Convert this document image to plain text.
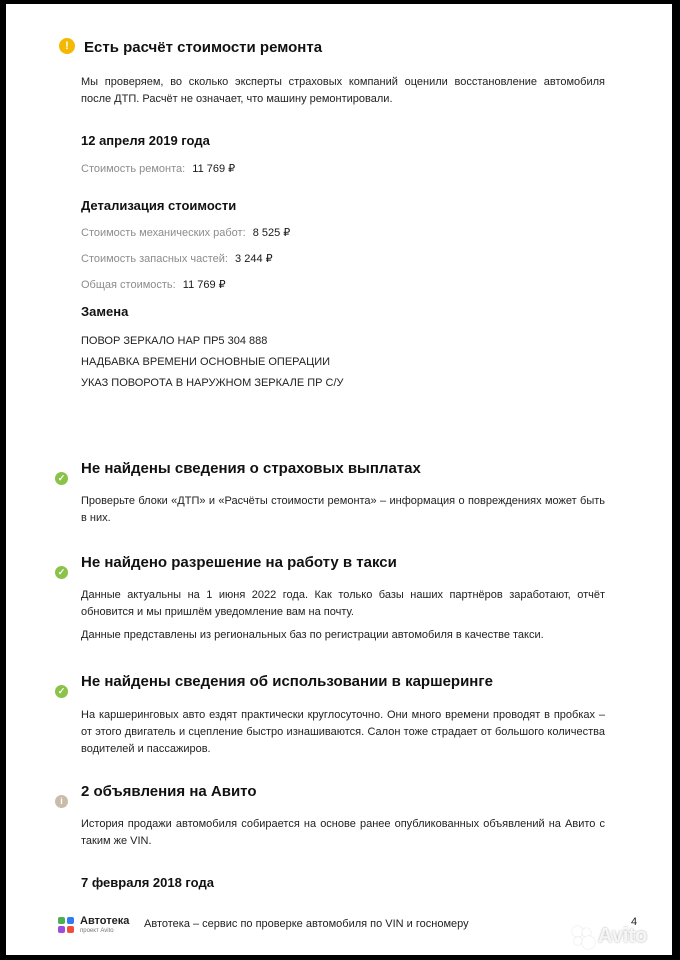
!	Есть расчёт стоимости ремонта
Мы проверяем, во сколько эксперты страховых компаний оценили восстановление автомобиля после ДТП. Расчёт не означает, что машину ремонтировали.
12 апреля 2019 года
Стоимость ремонта: 11 769 ₽
Детализация стоимости
Стоимость механических работ: 8 525 ₽
Стоимость запасных частей: 3 244 ₽
Общая стоимость: 11 769 ₽
Замена
ПОВОР ЗЕРКАЛО НАР ПР5 304 888
НАДБАВКА ВРЕМЕНИ ОСНОВНЫЕ ОПЕРАЦИИ
УКАЗ ПОВОРОТА В НАРУЖНОМ ЗЕРКАЛЕ ПР С/У
✓
Не найдены сведения о страховых выплатах
Проверьте блоки «ДТП» и «Расчёты стоимости ремонта» – информация о повреждениях может быть в них.
✓
Не найдено разрешение на работу в такси
Данные актуальны на 1 июня 2022 года. Как только базы наших партнёров заработают, отчёт обновится и мы пришлём уведомление вам на почту.
Данные представлены из региональных баз по регистрации автомобиля в качестве такси.
✓
Не найдены сведения об использовании в каршеринге
На каршеринговых авто ездят практически круглосуточно. Они много времени проводят в пробках – от этого двигатель и сцепление быстро изнашиваются. Салон тоже страдает от большого количества водителей и пассажиров.
i
2 объявления на Авито
История продажи автомобиля собирается на основе ранее опубликованных объявлений на Авито с таким же VIN.
7 февраля 2018 года
Автотека
проект Avito
Автотека – сервис по проверке автомобиля по VIN и госномеру	4
Avito
